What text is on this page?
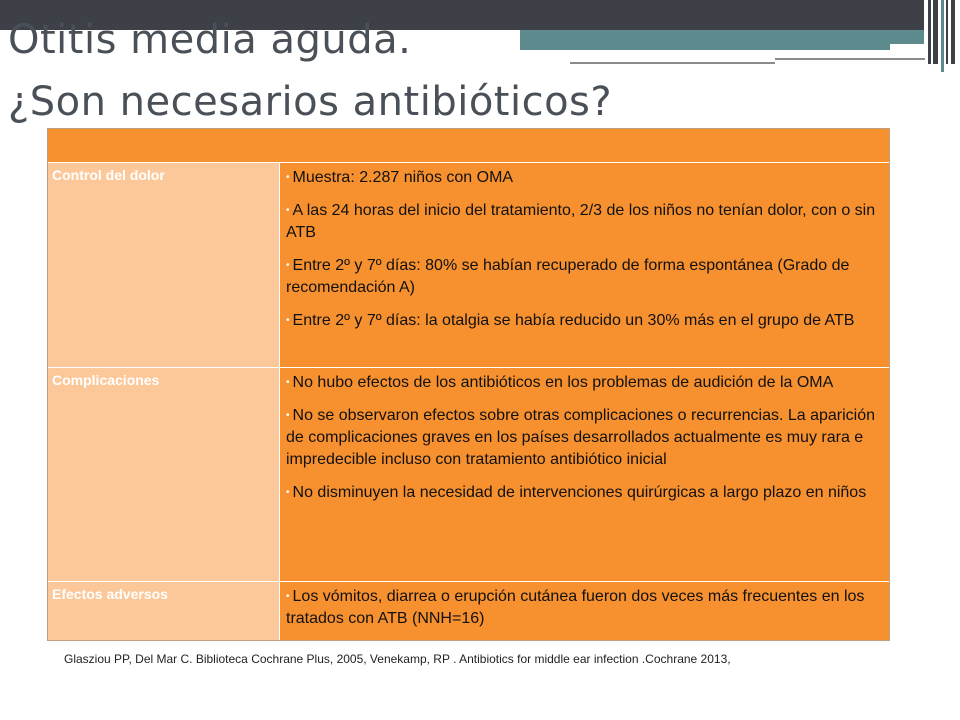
Otitis media aguda.
¿Son necesarios antibióticos?
Control del dolor	• Muestra: 2.287 niños con OMA

• A las 24 horas del inicio del tratamiento, 2/3 de los niños no tenían dolor, con o sin ATB

• Entre 2º y 7º días: 80% se habían recuperado de forma espontánea (Grado de recomendación A)

• Entre 2º y 7º días: la otalgia se había reducido un 30% más en el grupo de ATB

Complicaciones	• No hubo efectos de los antibióticos en los problemas de audición de la OMA

• No se observaron efectos sobre otras complicaciones o recurrencias. La aparición de complicaciones graves en los países desarrollados actualmente es muy rara e impredecible incluso con tratamiento antibiótico inicial

• No disminuyen la necesidad de intervenciones quirúrgicas a largo plazo en niños

Efectos adversos	• Los vómitos, diarrea o erupción cutánea fueron dos veces más frecuentes en los tratados con ATB (NNH=16)

Glasziou PP, Del Mar C. Biblioteca Cochrane Plus, 2005, Venekamp, RP . Antibiotics for middle ear infection .Cochrane 2013,
